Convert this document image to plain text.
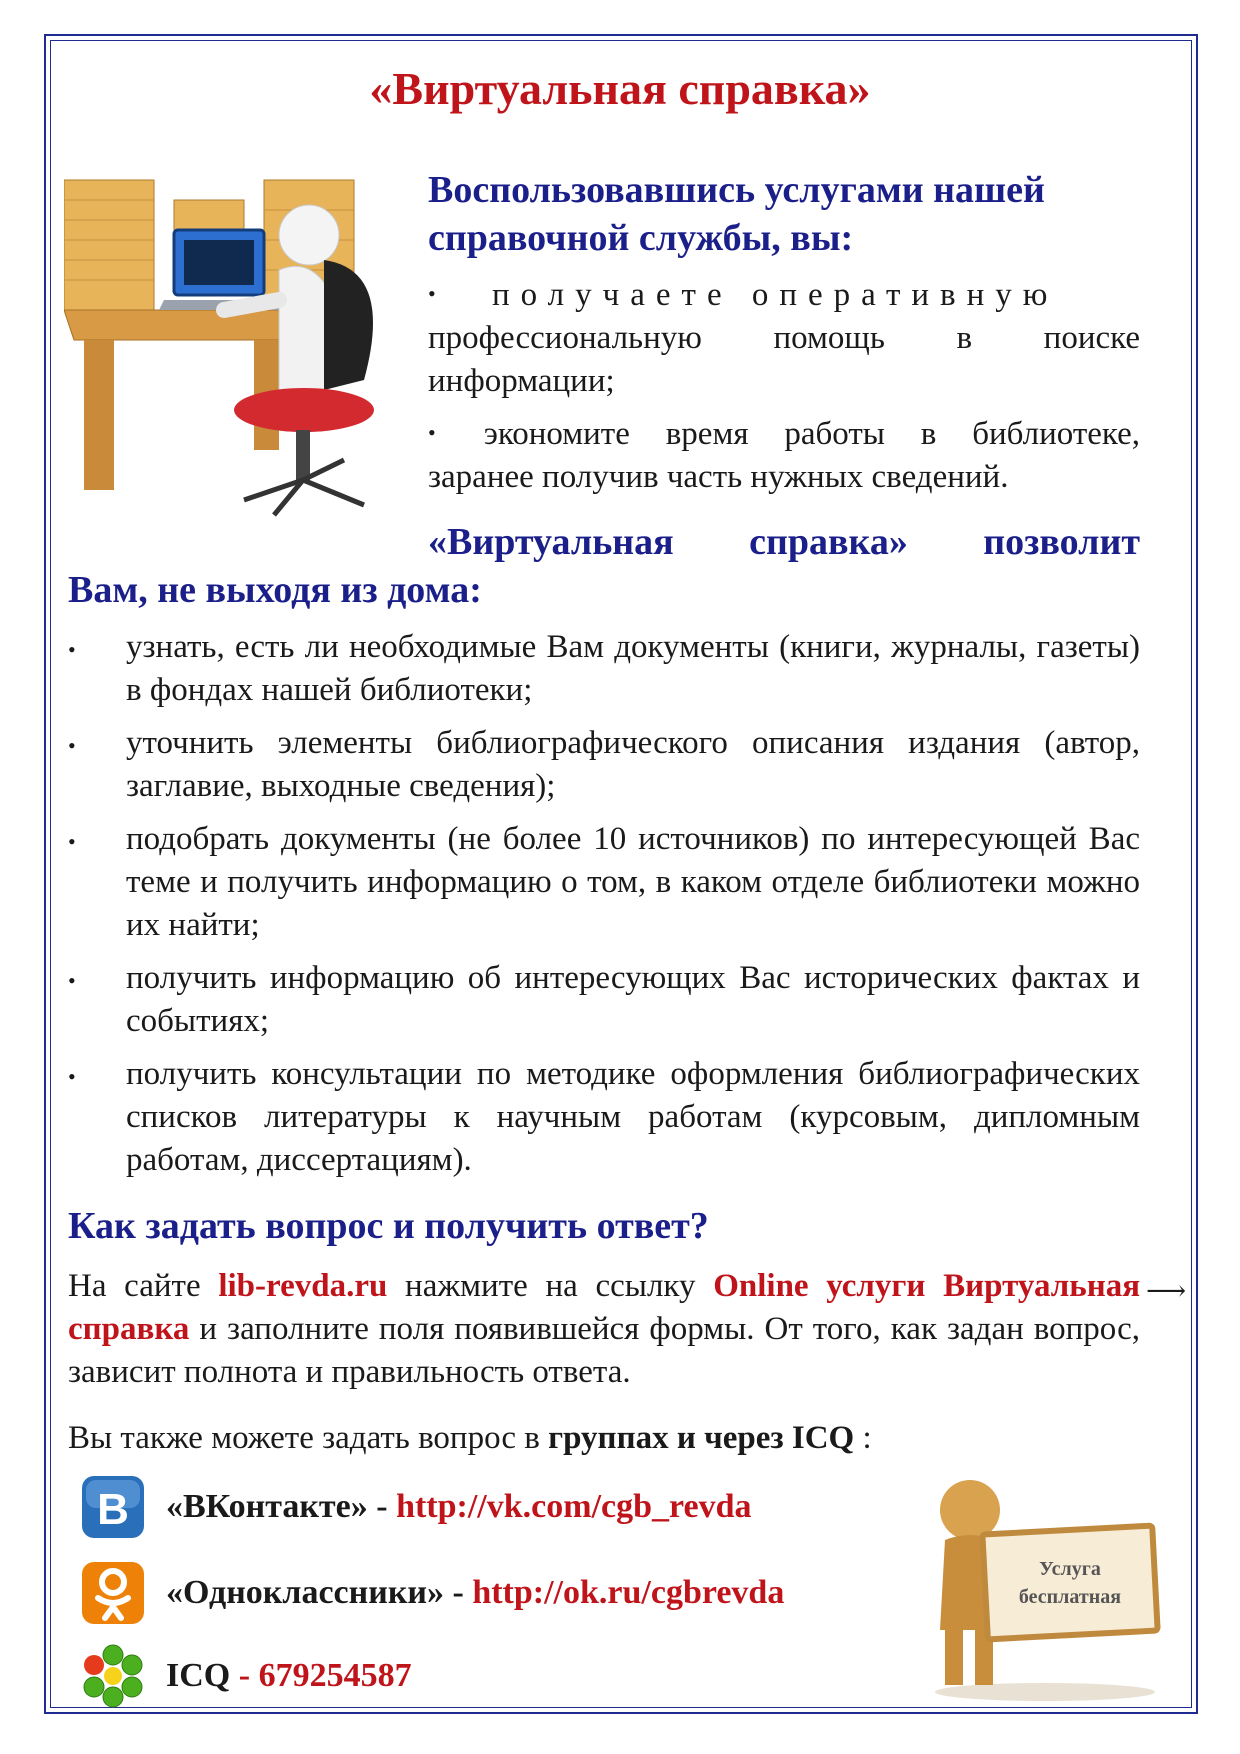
«Виртуальная справка»
Воспользовавшись услугами нашей справочной службы, вы:
• получаете оперативную
профессиональную помощь в поиске информации;
• экономите время работы в библиотеке, заранее получив часть нужных сведений.
«Виртуальная справка» позволит
Вам, не выходя из дома:
• узнать, есть ли необходимые Вам документы (книги, журналы, газеты) в фондах нашей библиотеки;
• уточнить элементы библиографического описания издания (автор, заглавие, выходные сведения);
• подобрать документы (не более 10 источников) по интересующей Вас теме и получить информацию о том, в каком отделе библиотеки можно их найти;
• получить информацию об интересующих Вас исторических фактах и событиях;
• получить консультации по методике оформления библиографических списков литературы к научным работам (курсовым, дипломным работам, диссертациям).
Как задать вопрос и получить ответ?
На сайте lib-revda.ru нажмите на ссылку Online услуги Виртуальная справка и заполните поля появившейся формы. От того, как задан вопрос, зависит полнота и правильность ответа.
⟶
Вы также можете задать вопрос в группах и через ICQ :
B «ВКонтакте» -
http://vk.com/cgb_revda
«Одноклассники» -
http://ok.ru/cgbrevda
ICQ
-
679254587
Услуга
бесплатная
